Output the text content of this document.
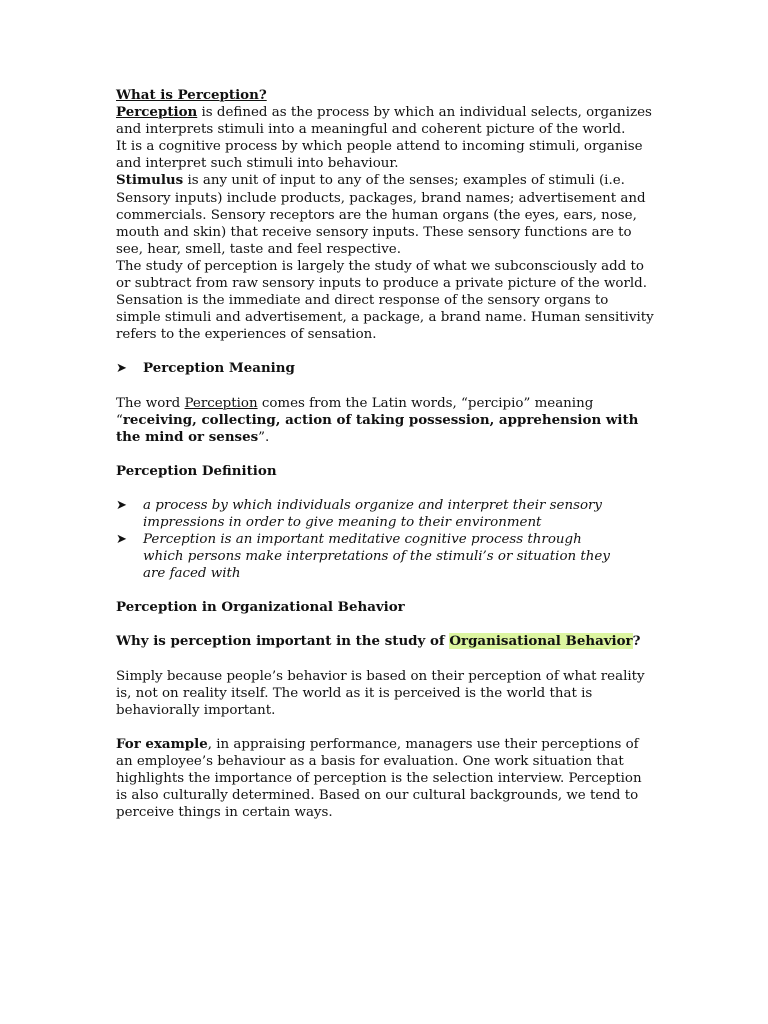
What is Perception?

Perception is defined as the process by which an individual selects, organizes and interprets stimuli into a meaningful and coherent picture of the world.

It is a cognitive process by which people attend to incoming stimuli, organise and interpret such stimuli into behaviour.

Stimulus is any unit of input to any of the senses; examples of stimuli (i.e. Sensory inputs) include products, packages, brand names; advertisement and commercials. Sensory receptors are the human organs (the eyes, ears, nose, mouth and skin) that receive sensory inputs. These sensory functions are to see, hear, smell, taste and feel respective.

The study of perception is largely the study of what we subconsciously add to or subtract from raw sensory inputs to produce a private picture of the world.

Sensation is the immediate and direct response of the sensory organs to simple stimuli and advertisement, a package, a brand name. Human sensitivity refers to the experiences of sensation.

➤	Perception Meaning

The word Perception comes from the Latin words, “percipio” meaning “receiving, collecting, action of taking possession, apprehension with the mind or senses”.

Perception Definition

➤	a process by which individuals organize and interpret their sensory impressions in order to give meaning to their environment
➤	Perception is an important meditative cognitive process through which persons make interpretations of the stimuli’s or situation they are faced with

Perception in Organizational Behavior

Why is perception important in the study of Organisational Behavior?

Simply because people’s behavior is based on their perception of what reality is, not on reality itself. The world as it is perceived is the world that is behaviorally important.

For example, in appraising performance, managers use their perceptions of an employee’s behaviour as a basis for evaluation. One work situation that highlights the importance of perception is the selection interview. Perception is also culturally determined. Based on our cultural backgrounds, we tend to perceive things in certain ways.
